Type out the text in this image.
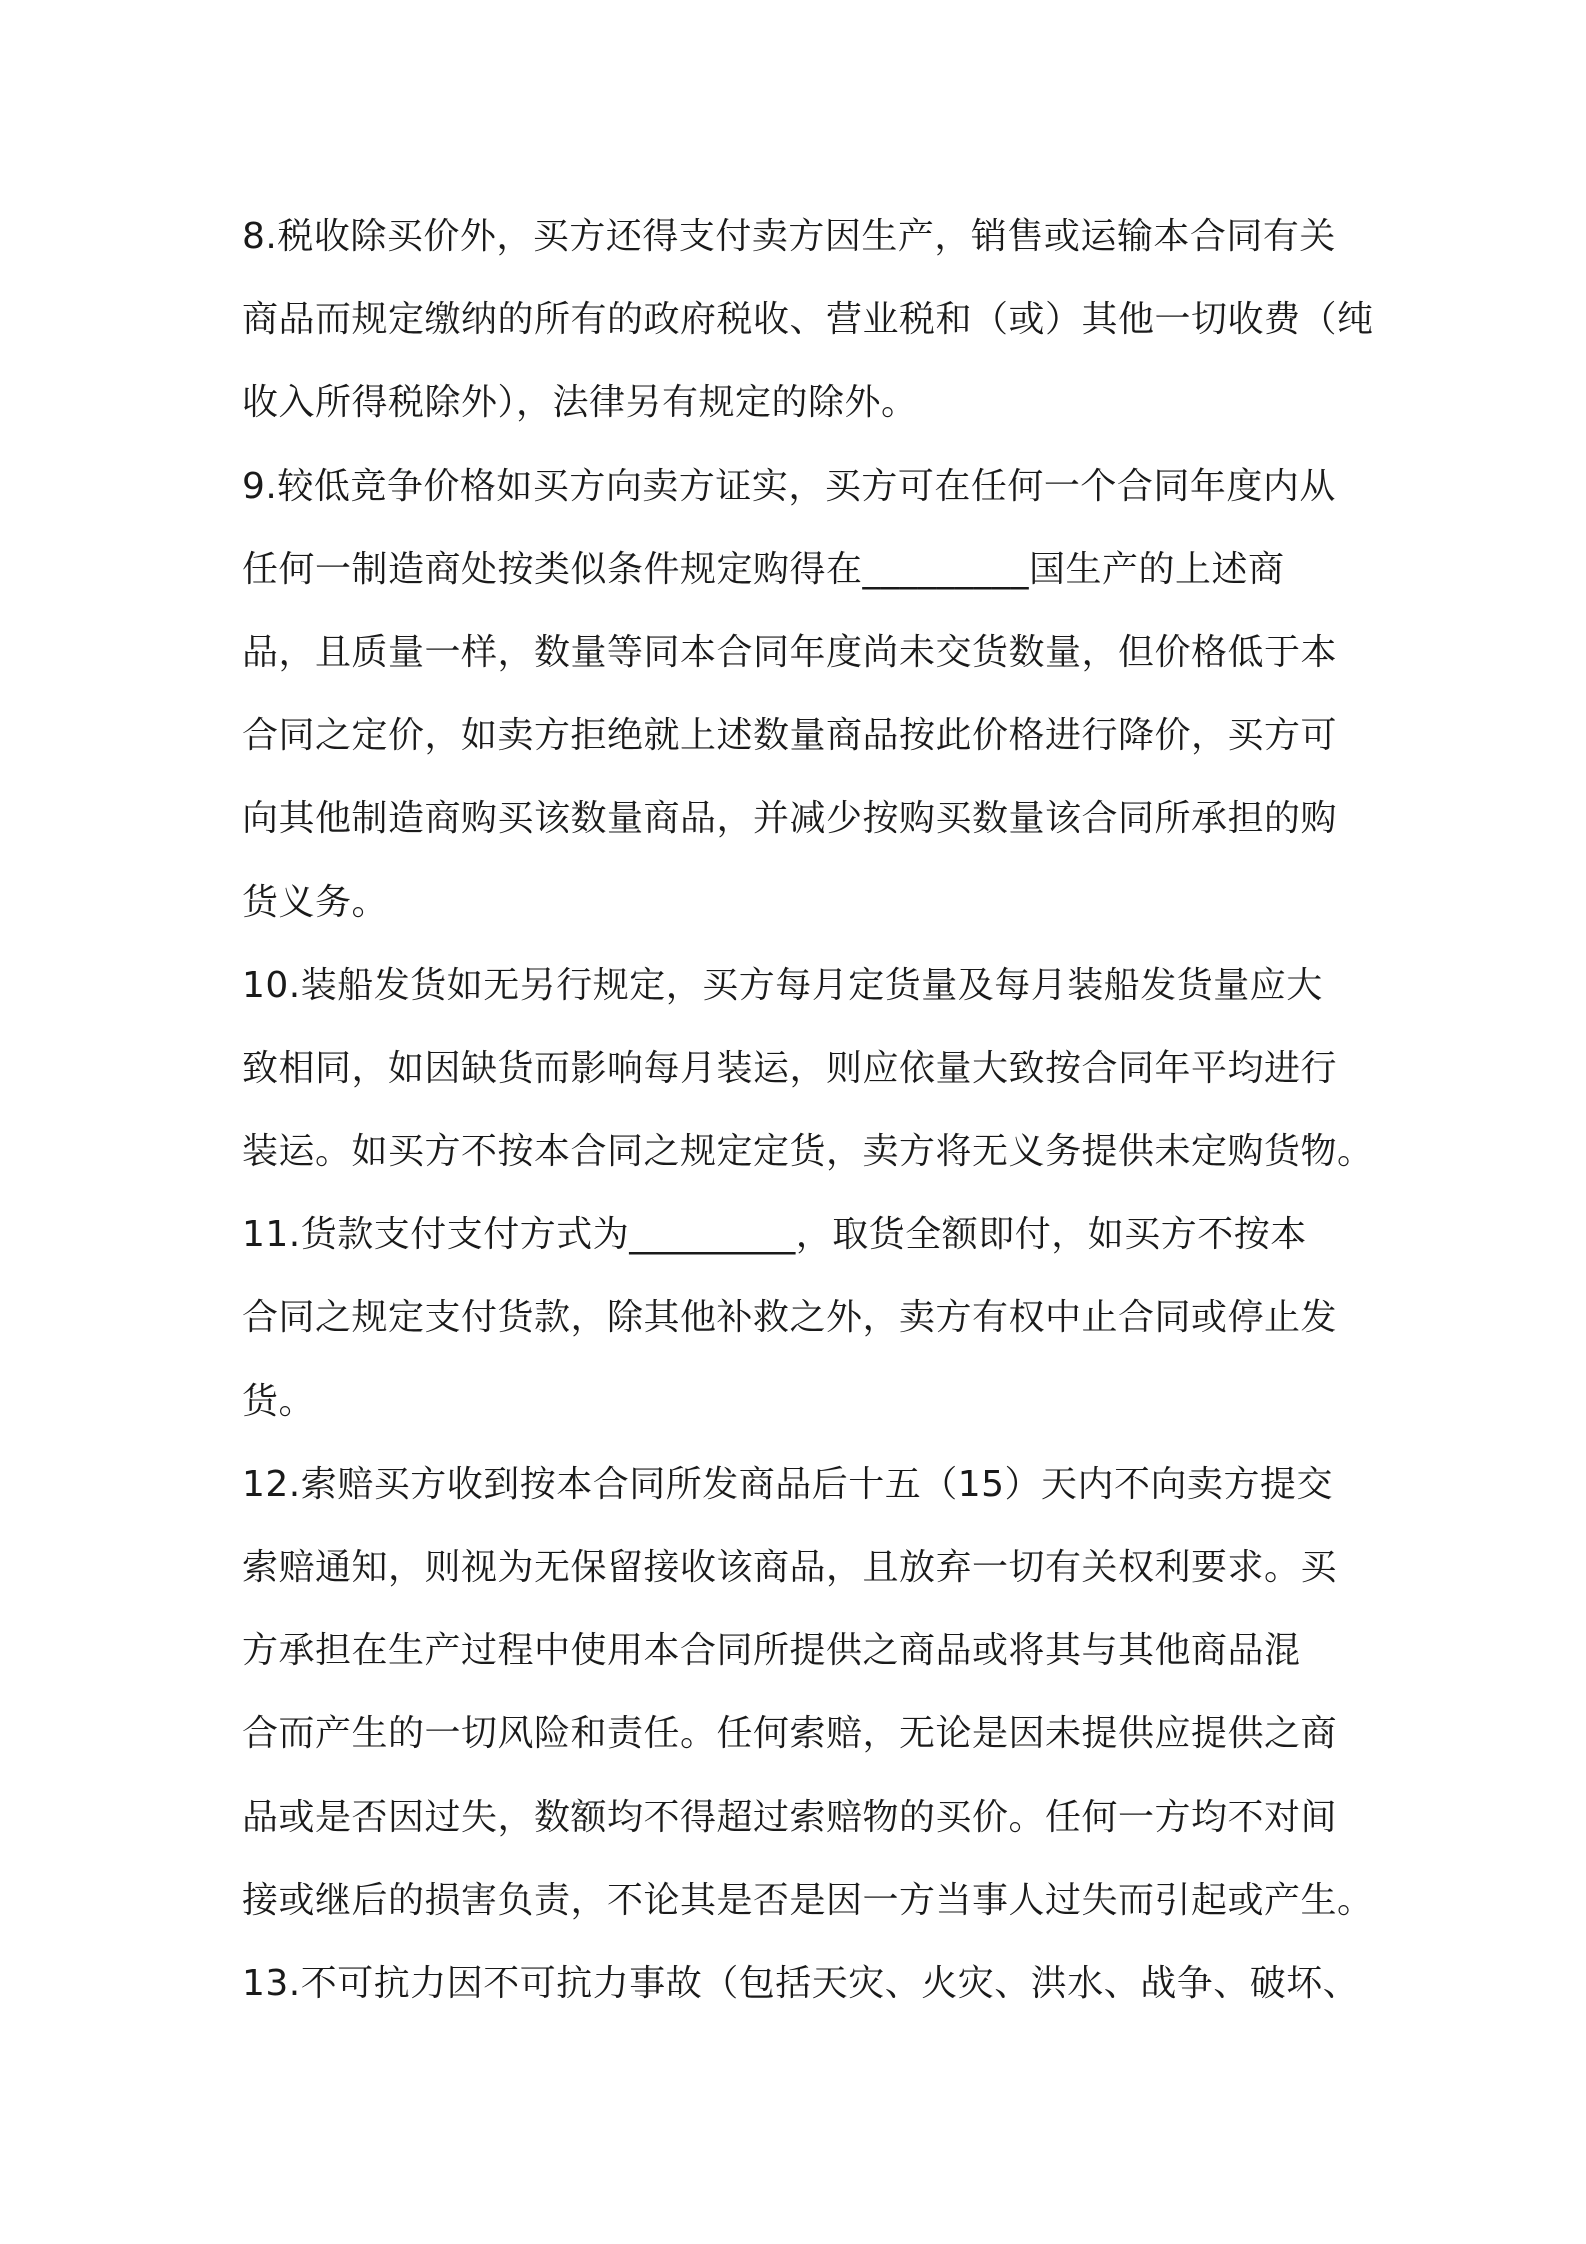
8.税收除买价外，买方还得支付卖方因生产，销售或运输本合同有关
商品而规定缴纳的所有的政府税收、营业税和（或）其他一切收费（纯
收入所得税除外），法律另有规定的除外。
9.较低竞争价格如买方向卖方证实，买方可在任何一个合同年度内从
任何一制造商处按类似条件规定购得在_________国生产的上述商
品，且质量一样，数量等同本合同年度尚未交货数量，但价格低于本
合同之定价，如卖方拒绝就上述数量商品按此价格进行降价，买方可
向其他制造商购买该数量商品，并减少按购买数量该合同所承担的购
货义务。
10.装船发货如无另行规定，买方每月定货量及每月装船发货量应大
致相同，如因缺货而影响每月装运，则应依量大致按合同年平均进行
装运。如买方不按本合同之规定定货，卖方将无义务提供未定购货物。
11.货款支付支付方式为_________，取货全额即付，如买方不按本
合同之规定支付货款，除其他补救之外，卖方有权中止合同或停止发
货。
12.索赔买方收到按本合同所发商品后十五（15）天内不向卖方提交
索赔通知，则视为无保留接收该商品，且放弃一切有关权利要求。买
方承担在生产过程中使用本合同所提供之商品或将其与其他商品混
合而产生的一切风险和责任。任何索赔，无论是因未提供应提供之商
品或是否因过失，数额均不得超过索赔物的买价。任何一方均不对间
接或继后的损害负责，不论其是否是因一方当事人过失而引起或产生。
13.不可抗力因不可抗力事故（包括天灾、火灾、洪水、战争、破坏、
